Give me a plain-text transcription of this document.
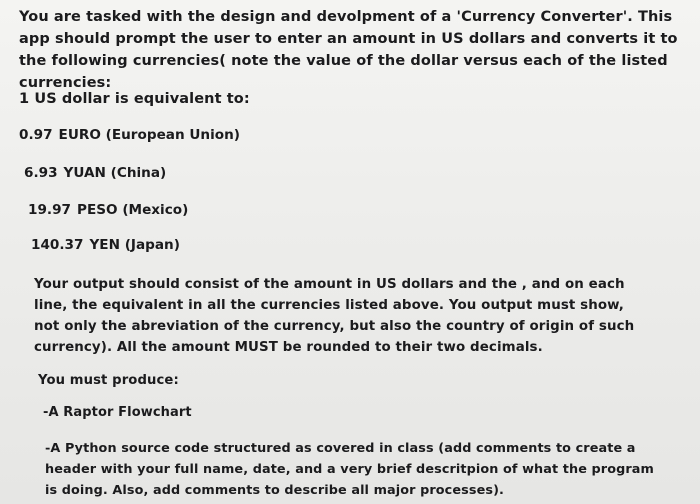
You are tasked with the design and devolpment of a 'Currency Converter'. This app should prompt the user to enter an amount in US dollars and converts it to the following currencies( note the value of the dollar versus each of the listed currencies:

1 US dollar is equivalent to:

0.97 EURO (European Union)

6.93 YUAN (China)

19.97 PESO (Mexico)

140.37 YEN (Japan)

Your output should consist of the amount in US dollars and the , and on each line, the equivalent in all the currencies listed above. You output must show, not only the abreviation of the currency, but also the country of origin of such currency). All the amount MUST be rounded to their two decimals.

You must produce:

-A Raptor Flowchart

-A Python source code structured as covered in class (add comments to create a header with your full name, date, and a very brief descritpion of what the program is doing. Also, add comments to describe all major processes).
